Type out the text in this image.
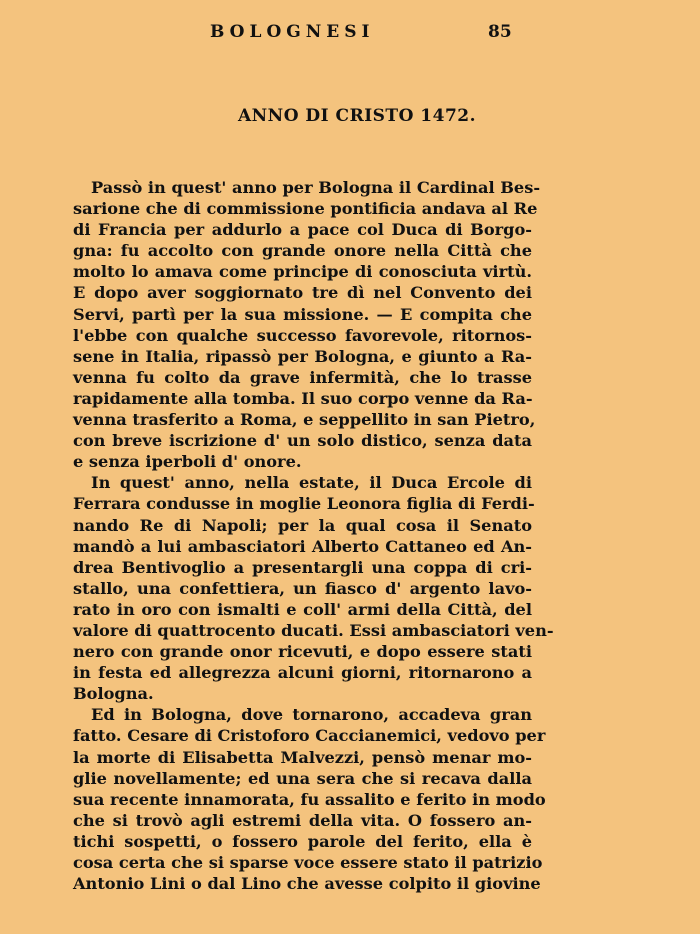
BOLOGNESI	85
ANNO DI CRISTO 1472.
Passò in quest' anno per Bologna il Cardinal Bes-
sarione che di commissione pontificia andava al Re
di Francia per addurlo a pace col Duca di Borgo-
gna: fu accolto con grande onore nella Città che
molto lo amava come principe di conosciuta virtù.
E dopo aver soggiornato tre dì nel Convento dei
Servi, partì per la sua missione. — E compita che
l'ebbe con qualche successo favorevole, ritornos-
sene in Italia, ripassò per Bologna, e giunto a Ra-
venna fu colto da grave infermità, che lo trasse
rapidamente alla tomba. Il suo corpo venne da Ra-
venna trasferito a Roma, e seppellito in san Pietro,
con breve iscrizione d' un solo distico, senza data
e senza iperboli d' onore.
In quest' anno, nella estate, il Duca Ercole di
Ferrara condusse in moglie Leonora figlia di Ferdi-
nando Re di Napoli; per la qual cosa il Senato
mandò a lui ambasciatori Alberto Cattaneo ed An-
drea Bentivoglio a presentargli una coppa di cri-
stallo, una confettiera, un fiasco d' argento lavo-
rato in oro con ismalti e coll' armi della Città, del
valore di quattrocento ducati. Essi ambasciatori ven-
nero con grande onor ricevuti, e dopo essere stati
in festa ed allegrezza alcuni giorni, ritornarono a
Bologna.
Ed in Bologna, dove tornarono, accadeva gran
fatto. Cesare di Cristoforo Caccianemici, vedovo per
la morte di Elisabetta Malvezzi, pensò menar mo-
glie novellamente; ed una sera che si recava dalla
sua recente innamorata, fu assalito e ferito in modo
che si trovò agli estremi della vita. O fossero an-
tichi sospetti, o fossero parole del ferito, ella è
cosa certa che si sparse voce essere stato il patrizio
Antonio Lini o dal Lino che avesse colpito il giovine
